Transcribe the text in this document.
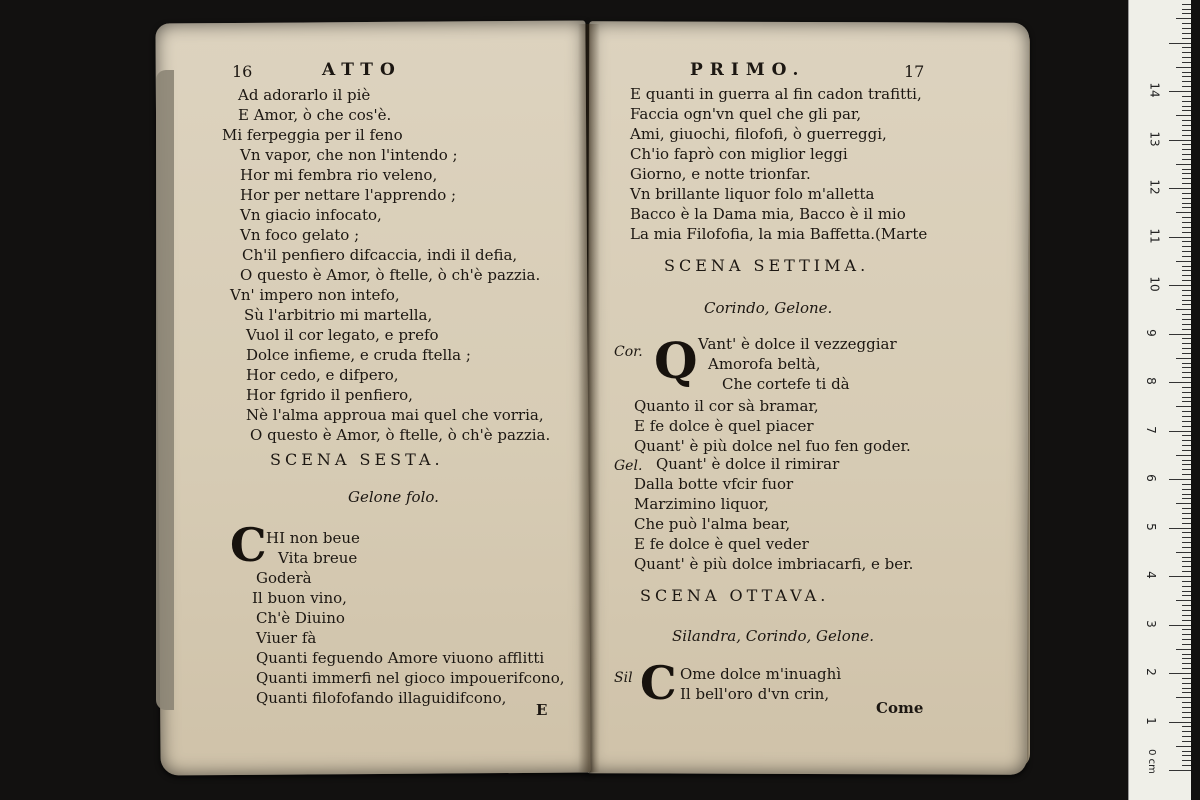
16	ATTO
Ad adorarlo il piè
E Amor, ò che cos'è.
Mi ferpeggia per il feno
Vn vapor, che non l'intendo ;
Hor mi fembra rio veleno,
Hor per nettare l'apprendo ;
Vn giacio infocato,
Vn foco gelato ;
Ch'il penfiero difcaccia, indi il defia,
O questo è Amor, ò ftelle, ò ch'è pazzia.
Vn' impero non intefo,
Sù l'arbitrio mi martella,
Vuol il cor legato, e prefo
Dolce infieme, e cruda ftella ;
Hor cedo, e difpero,
Hor fgrido il penfiero,
Nè l'alma approua mai quel che vorria,
O questo è Amor, ò ftelle, ò ch'è pazzia.
SCENA SESTA.
Gelone folo.
C HI non beue
Vita breue
Goderà
Il buon vino,
Ch'è Diuino
Viuer fà
Quanti feguendo Amore viuono afflitti
Quanti immerfi nel gioco impouerifcono,
Quanti filofofando illaguidifcono,
E
PRIMO.	17
E quanti in guerra al fin cadon trafitti,
Faccia ogn'vn quel che gli par,
Ami, giuochi, filofofi, ò guerreggi,
Ch'io faprò con miglior leggi
Giorno, e notte trionfar.
Vn brillante liquor folo m'alletta
Bacco è la Dama mia, Bacco è il mio
La mia Filofofia, la mia Baffetta.(Marte
SCENA SETTIMA.
Corindo, Gelone.
Cor. Q Vant' è dolce il vezzeggiar
Amorofa beltà,
Che cortefe ti dà
Quanto il cor sà bramar,
E fe dolce è quel piacer
Quant' è più dolce nel fuo fen goder.
Gel. Quant' è dolce il rimirar
Dalla botte vfcir fuor
Marzimino liquor,
Che può l'alma bear,
E fe dolce è quel veder
Quant' è più dolce imbriacarfi, e ber.
SCENA OTTAVA.
Silandra, Corindo, Gelone.
Sil C Ome dolce m'inuaghì
Il bell'oro d'vn crin,
Come
0 cm
1
2
3
4
5
6
7
8
9
10
11
12
13
14
